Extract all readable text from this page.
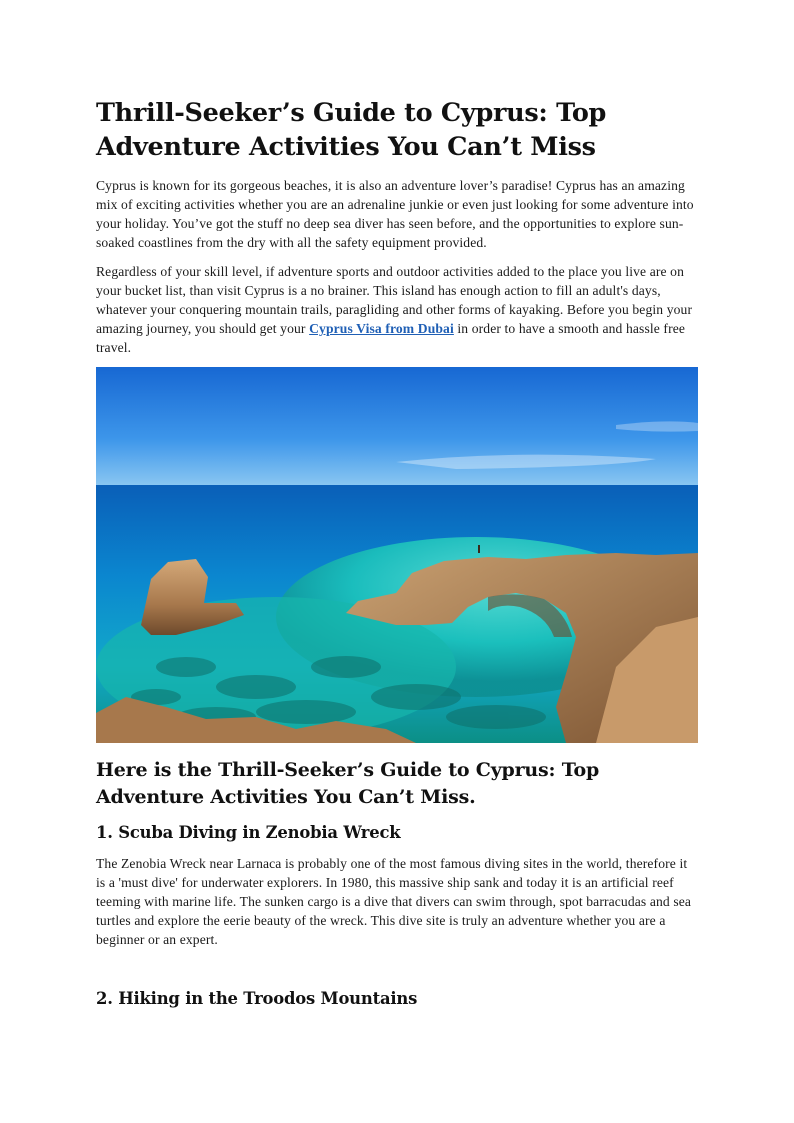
Thrill-Seeker’s Guide to Cyprus: Top Adventure Activities You Can’t Miss

Cyprus is known for its gorgeous beaches, it is also an adventure lover’s paradise! Cyprus has an amazing mix of exciting activities whether you are an adrenaline junkie or even just looking for some adventure into your holiday. You’ve got the stuff no deep sea diver has seen before, and the opportunities to explore sun-soaked coastlines from the dry with all the safety equipment provided.

Regardless of your skill level, if adventure sports and outdoor activities added to the place you live are on your bucket list, than visit Cyprus is a no brainer. This island has enough action to fill an adult's days, whatever your conquering mountain trails, paragliding and other forms of kayaking. Before you begin your amazing journey, you should get your Cyprus Visa from Dubai in order to have a smooth and hassle free travel.

Here is the Thrill-Seeker’s Guide to Cyprus: Top Adventure Activities You Can’t Miss.
1. Scuba Diving in Zenobia Wreck

The Zenobia Wreck near Larnaca is probably one of the most famous diving sites in the world, therefore it is a 'must dive' for underwater explorers. In 1980, this massive ship sank and today it is an artificial reef teeming with marine life. The sunken cargo is a dive that divers can swim through, spot barracudas and sea turtles and explore the eerie beauty of the wreck. This dive site is truly an adventure whether you are a beginner or an expert.

2. Hiking in the Troodos Mountains
